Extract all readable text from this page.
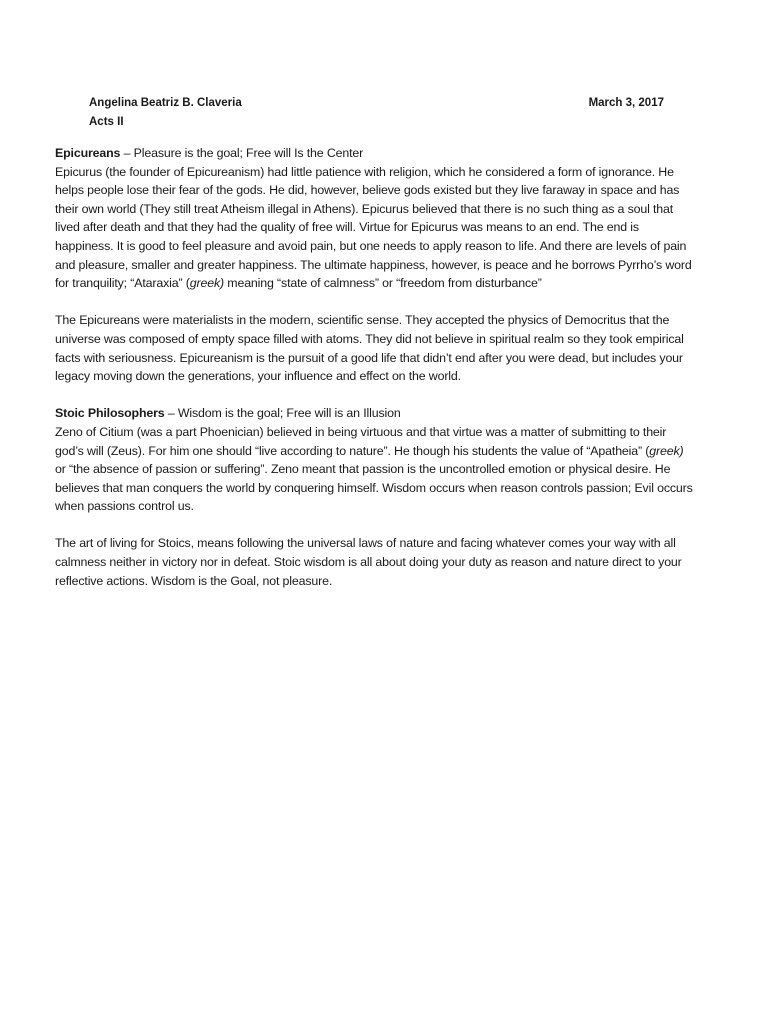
Angelina Beatriz B. Claveria	March 3, 2017
Acts II
Epicureans – Pleasure is the goal; Free will Is the Center
Epicurus (the founder of Epicureanism) had little patience with religion, which he considered a form of ignorance. He helps people lose their fear of the gods. He did, however, believe gods existed but they live faraway in space and has their own world (They still treat Atheism illegal in Athens). Epicurus believed that there is no such thing as a soul that lived after death and that they had the quality of free will. Virtue for Epicurus was means to an end. The end is happiness. It is good to feel pleasure and avoid pain, but one needs to apply reason to life. And there are levels of pain and pleasure, smaller and greater happiness. The ultimate happiness, however, is peace and he borrows Pyrrho’s word for tranquility; “Ataraxia” (greek) meaning “state of calmness” or “freedom from disturbance”
The Epicureans were materialists in the modern, scientific sense. They accepted the physics of Democritus that the universe was composed of empty space filled with atoms. They did not believe in spiritual realm so they took empirical facts with seriousness. Epicureanism is the pursuit of a good life that didn’t end after you were dead, but includes your legacy moving down the generations, your influence and effect on the world.
Stoic Philosophers – Wisdom is the goal; Free will is an Illusion
Zeno of Citium (was a part Phoenician) believed in being virtuous and that virtue was a matter of submitting to their god’s will (Zeus). For him one should “live according to nature”. He though his students the value of “Apatheia” (greek) or “the absence of passion or suffering”. Zeno meant that passion is the uncontrolled emotion or physical desire. He believes that man conquers the world by conquering himself. Wisdom occurs when reason controls passion; Evil occurs when passions control us.
The art of living for Stoics, means following the universal laws of nature and facing whatever comes your way with all calmness neither in victory nor in defeat. Stoic wisdom is all about doing your duty as reason and nature direct to your reflective actions. Wisdom is the Goal, not pleasure.
